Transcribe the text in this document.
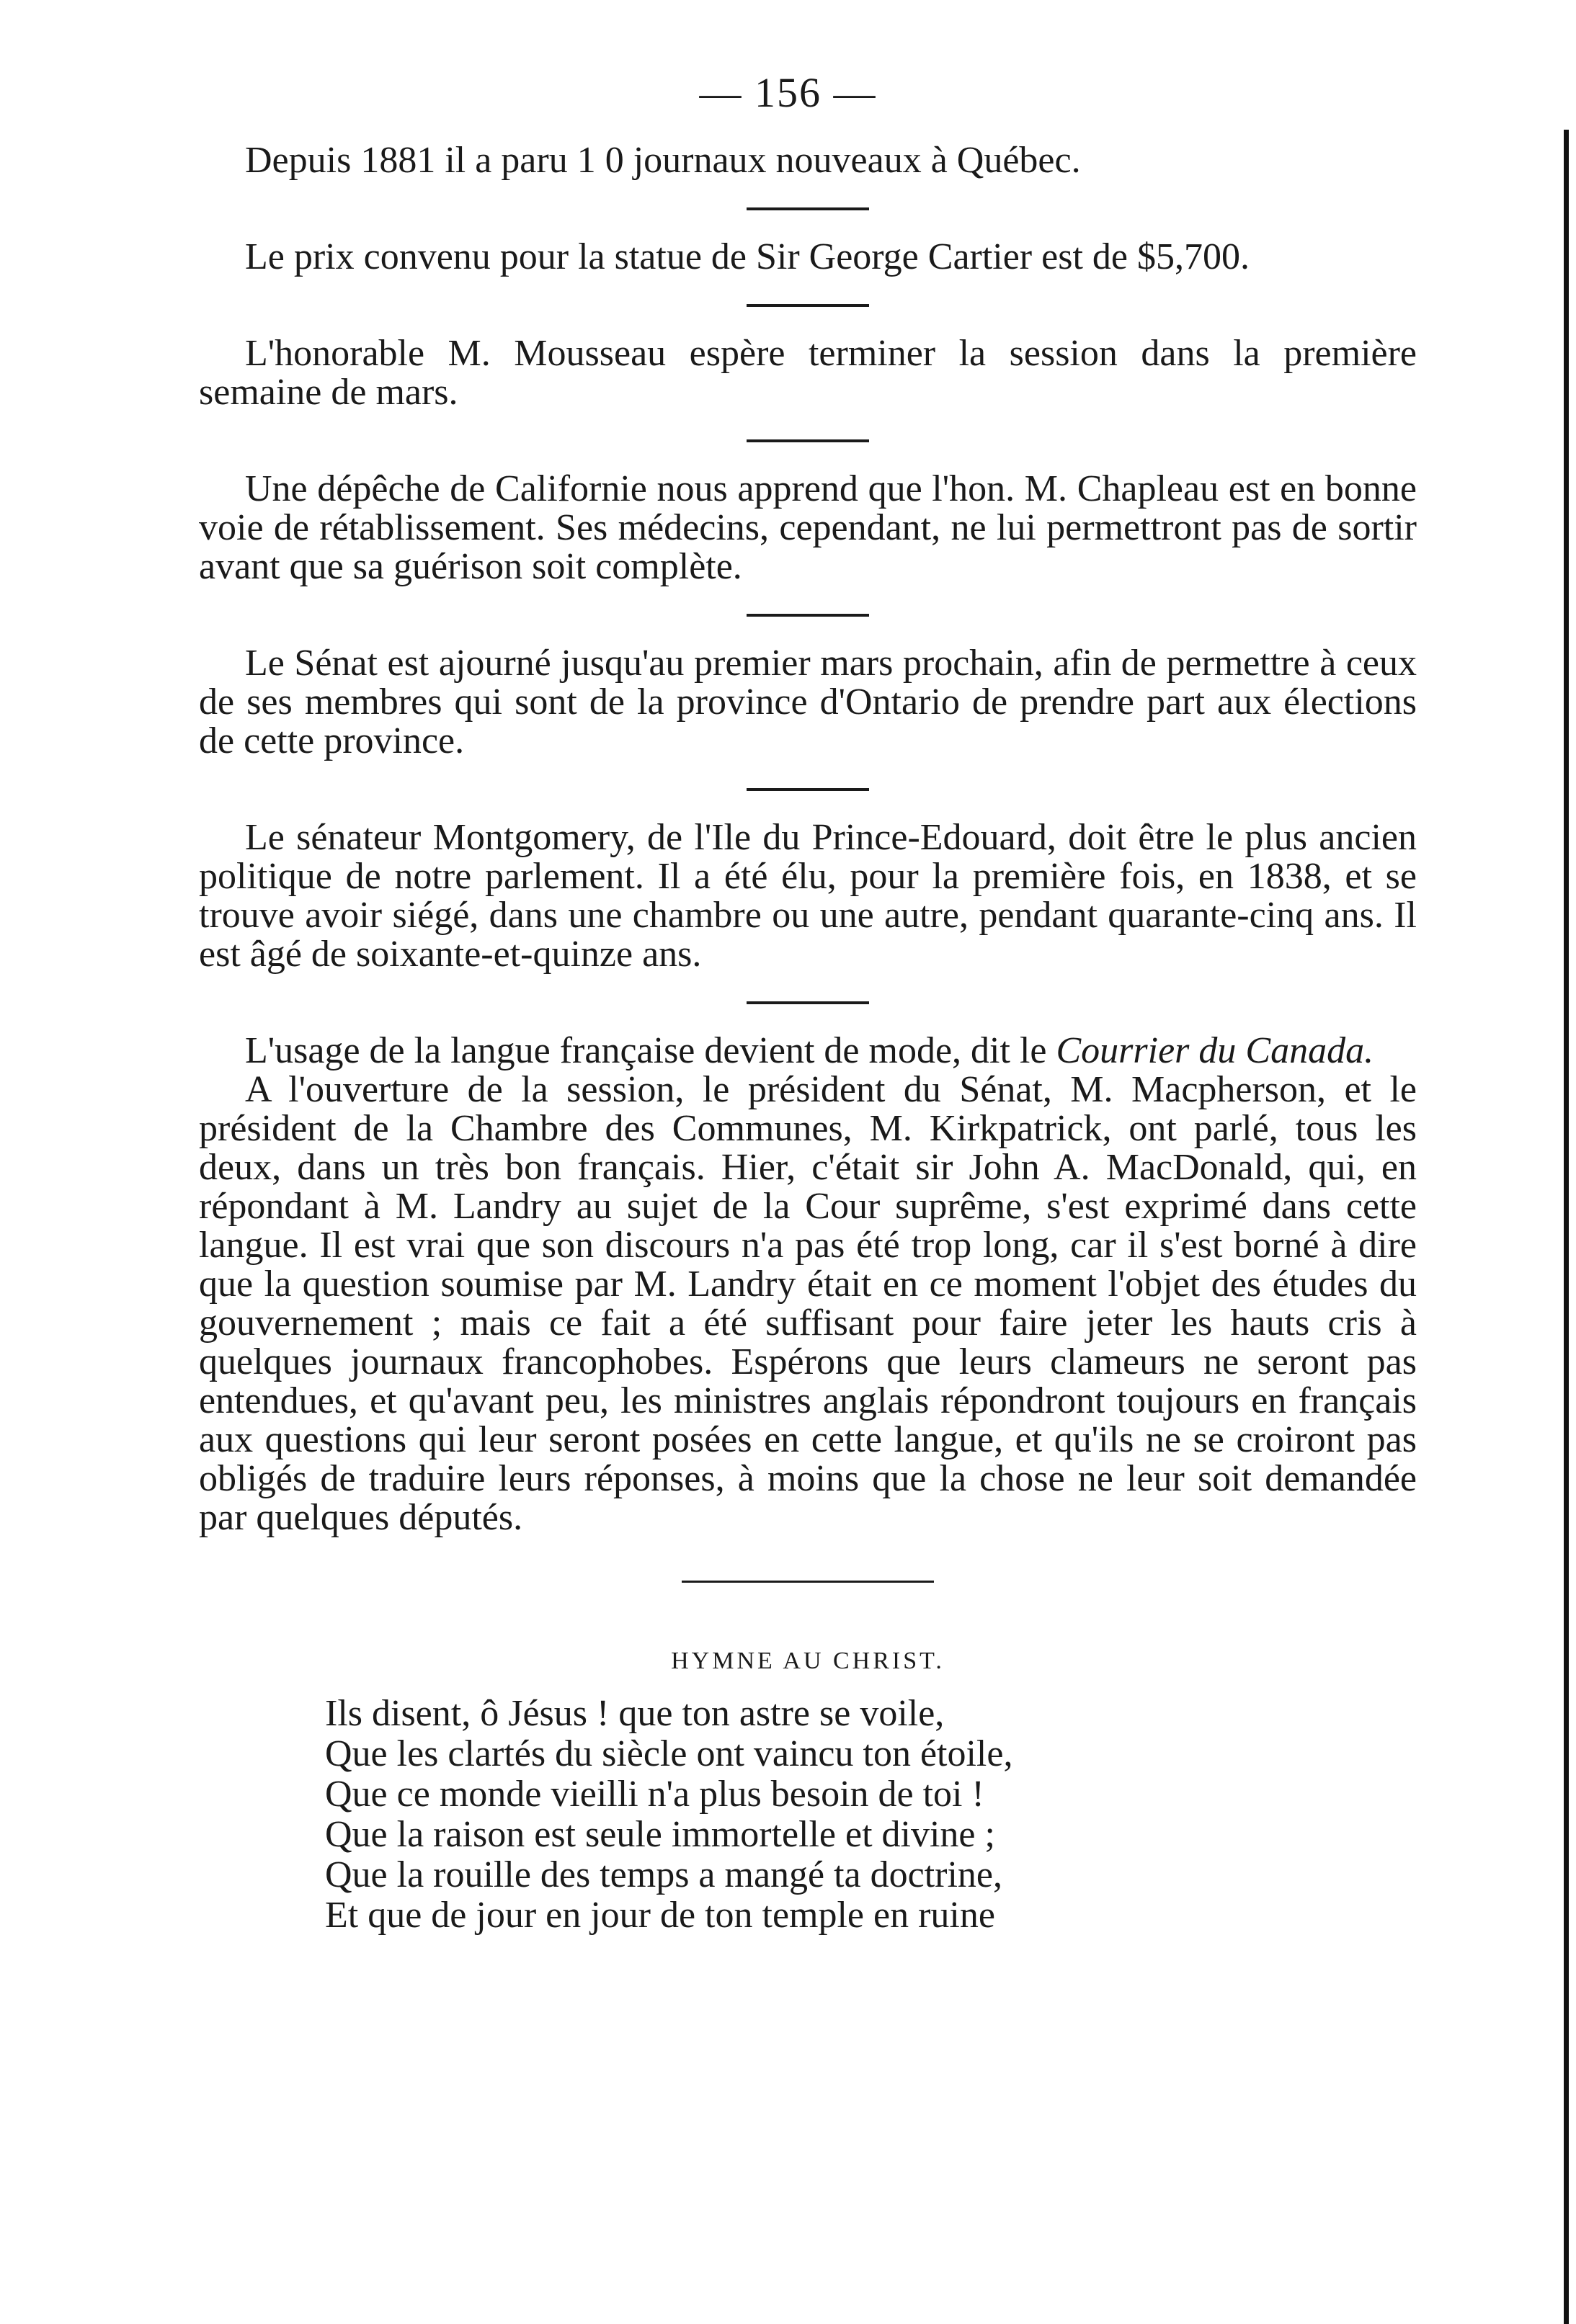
— 156 —

Depuis 1881 il a paru 1 0 journaux nouveaux à Québec.

Le prix convenu pour la statue de Sir George Cartier est de $5,700.

L'honorable M. Mousseau espère terminer la session dans la première semaine de mars.

Une dépêche de Californie nous apprend que l'hon. M. Chapleau est en bonne voie de rétablissement. Ses médecins, cependant, ne lui permettront pas de sortir avant que sa guérison soit complète.

Le Sénat est ajourné jusqu'au premier mars prochain, afin de permettre à ceux de ses membres qui sont de la province d'Ontario de prendre part aux élections de cette province.

Le sénateur Montgomery, de l'Ile du Prince-Edouard, doit être le plus ancien politique de notre parlement. Il a été élu, pour la première fois, en 1838, et se trouve avoir siégé, dans une chambre ou une autre, pendant quarante-cinq ans. Il est âgé de soixante-et-quinze ans.

L'usage de la langue française devient de mode, dit le Courrier du Canada.

A l'ouverture de la session, le président du Sénat, M. Macpherson, et le président de la Chambre des Communes, M. Kirkpatrick, ont parlé, tous les deux, dans un très bon français. Hier, c'était sir John A. MacDonald, qui, en répondant à M. Landry au sujet de la Cour suprême, s'est exprimé dans cette langue. Il est vrai que son discours n'a pas été trop long, car il s'est borné à dire que la question soumise par M. Landry était en ce moment l'objet des études du gouvernement ; mais ce fait a été suffisant pour faire jeter les hauts cris à quelques journaux francophobes. Espérons que leurs clameurs ne seront pas entendues, et qu'avant peu, les ministres anglais répondront toujours en français aux questions qui leur seront posées en cette langue, et qu'ils ne se croiront pas obligés de traduire leurs réponses, à moins que la chose ne leur soit demandée par quelques députés.

HYMNE AU CHRIST.
Ils disent, ô Jésus ! que ton astre se voile,
Que les clartés du siècle ont vaincu ton étoile,
Que ce monde vieilli n'a plus besoin de toi !
Que la raison est seule immortelle et divine ;
Que la rouille des temps a mangé ta doctrine,
Et que de jour en jour de ton temple en ruine
